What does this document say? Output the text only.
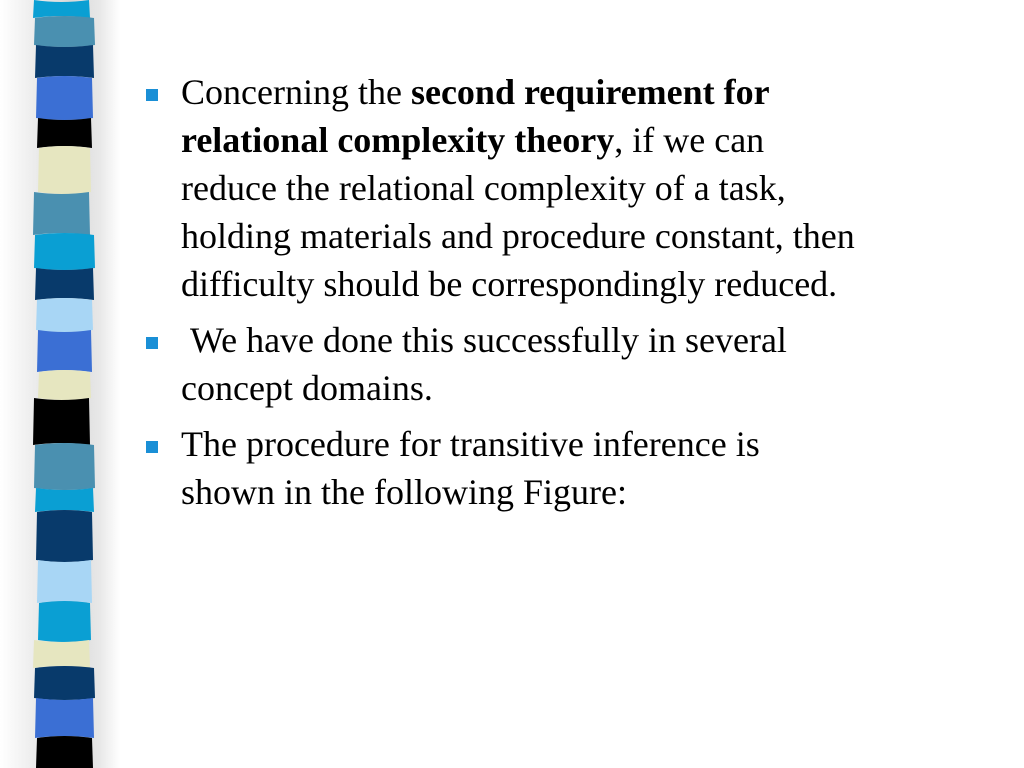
Concerning the second requirement for relational complexity theory, if we can reduce the relational complexity of a task, holding materials and procedure constant, then difficulty should be correspondingly reduced.
We have done this successfully in several concept domains.
The procedure for transitive inference is shown in the following Figure:
